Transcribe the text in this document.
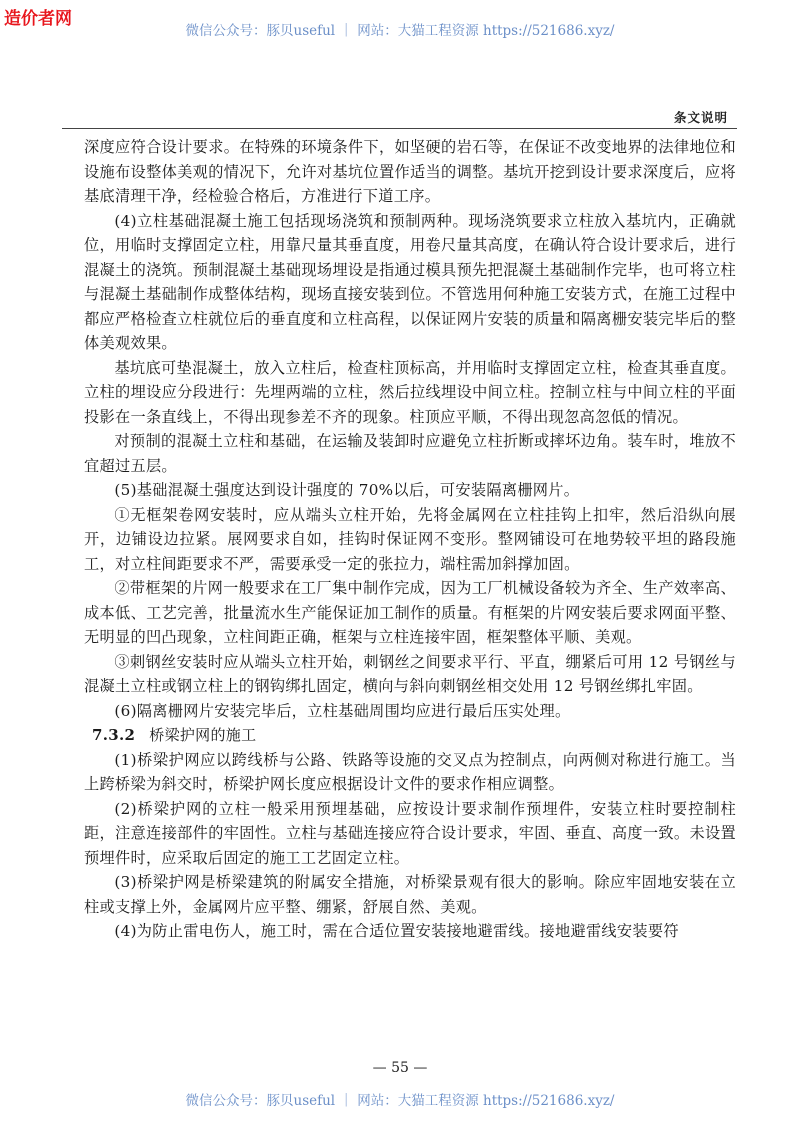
造价者网
微信公众号：豚贝useful ｜ 网站：大猫工程资源 https://521686.xyz/
条文说明

深度应符合设计要求。在特殊的环境条件下，如坚硬的岩石等，在保证不改变地界的法律地位和设施布设整体美观的情况下，允许对基坑位置作适当的调整。基坑开挖到设计要求深度后，应将基底清理干净，经检验合格后，方准进行下道工序。

(4)立柱基础混凝土施工包括现场浇筑和预制两种。现场浇筑要求立柱放入基坑内，正确就位，用临时支撑固定立柱，用靠尺量其垂直度，用卷尺量其高度，在确认符合设计要求后，进行混凝土的浇筑。预制混凝土基础现场埋设是指通过模具预先把混凝土基础制作完毕，也可将立柱与混凝土基础制作成整体结构，现场直接安装到位。不管选用何种施工安装方式，在施工过程中都应严格检查立柱就位后的垂直度和立柱高程，以保证网片安装的质量和隔离栅安装完毕后的整体美观效果。

基坑底可垫混凝土，放入立柱后，检查柱顶标高，并用临时支撑固定立柱，检查其垂直度。立柱的埋设应分段进行：先埋两端的立柱，然后拉线埋设中间立柱。控制立柱与中间立柱的平面投影在一条直线上，不得出现参差不齐的现象。柱顶应平顺，不得出现忽高忽低的情况。

对预制的混凝土立柱和基础，在运输及装卸时应避免立柱折断或摔坏边角。装车时，堆放不宜超过五层。

(5)基础混凝土强度达到设计强度的 70%以后，可安装隔离栅网片。

①无框架卷网安装时，应从端头立柱开始，先将金属网在立柱挂钩上扣牢，然后沿纵向展开，边铺设边拉紧。展网要求自如，挂钩时保证网不变形。整网铺设可在地势较平坦的路段施工，对立柱间距要求不严，需要承受一定的张拉力，端柱需加斜撑加固。

②带框架的片网一般要求在工厂集中制作完成，因为工厂机械设备较为齐全、生产效率高、成本低、工艺完善，批量流水生产能保证加工制作的质量。有框架的片网安装后要求网面平整、无明显的凹凸现象，立柱间距正确，框架与立柱连接牢固，框架整体平顺、美观。

③刺钢丝安装时应从端头立柱开始，刺钢丝之间要求平行、平直，绷紧后可用 12 号钢丝与混凝土立柱或钢立柱上的钢钩绑扎固定，横向与斜向刺钢丝相交处用 12 号钢丝绑扎牢固。

(6)隔离栅网片安装完毕后，立柱基础周围均应进行最后压实处理。

7.3.2 桥梁护网的施工

(1)桥梁护网应以跨线桥与公路、铁路等设施的交叉点为控制点，向两侧对称进行施工。当上跨桥梁为斜交时，桥梁护网长度应根据设计文件的要求作相应调整。

(2)桥梁护网的立柱一般采用预埋基础，应按设计要求制作预埋件，安装立柱时要控制柱距，注意连接部件的牢固性。立柱与基础连接应符合设计要求，牢固、垂直、高度一致。未设置预埋件时，应采取后固定的施工工艺固定立柱。

(3)桥梁护网是桥梁建筑的附属安全措施，对桥梁景观有很大的影响。除应牢固地安装在立柱或支撑上外，金属网片应平整、绷紧，舒展自然、美观。

(4)为防止雷电伤人，施工时，需在合适位置安装接地避雷线。接地避雷线安装要符

— 55 —
微信公众号：豚贝useful ｜ 网站：大猫工程资源 https://521686.xyz/
